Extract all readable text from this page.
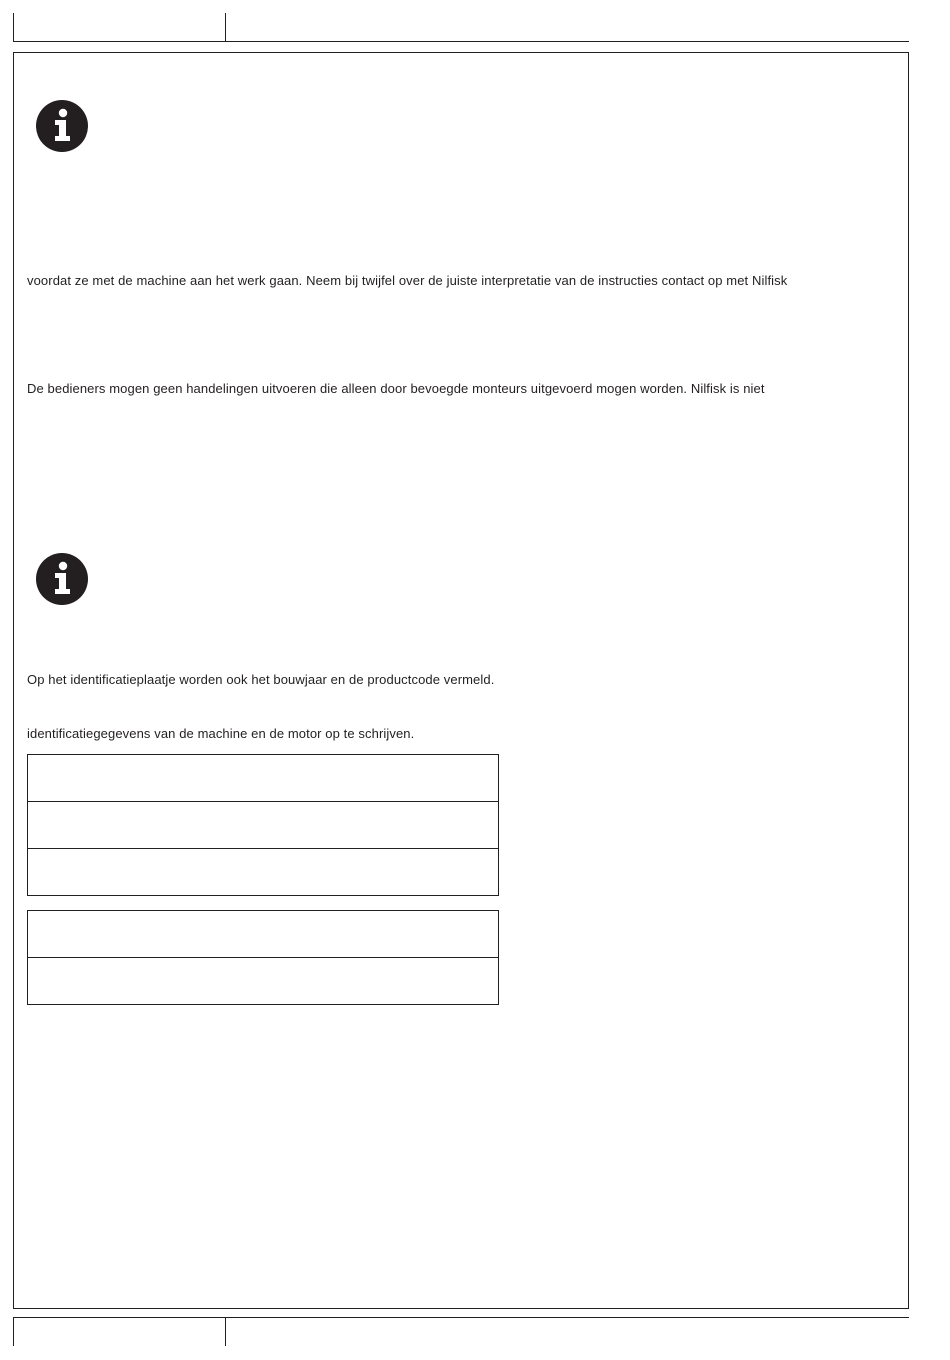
voordat ze met de machine aan het werk gaan. Neem bij twijfel over de juiste interpretatie van de instructies contact op met Nilfisk
De bedieners mogen geen handelingen uitvoeren die alleen door bevoegde monteurs uitgevoerd mogen worden. Nilfisk is niet
Op het identificatieplaatje worden ook het bouwjaar en de productcode vermeld.
identificatiegegevens van de machine en de motor op te schrijven.
